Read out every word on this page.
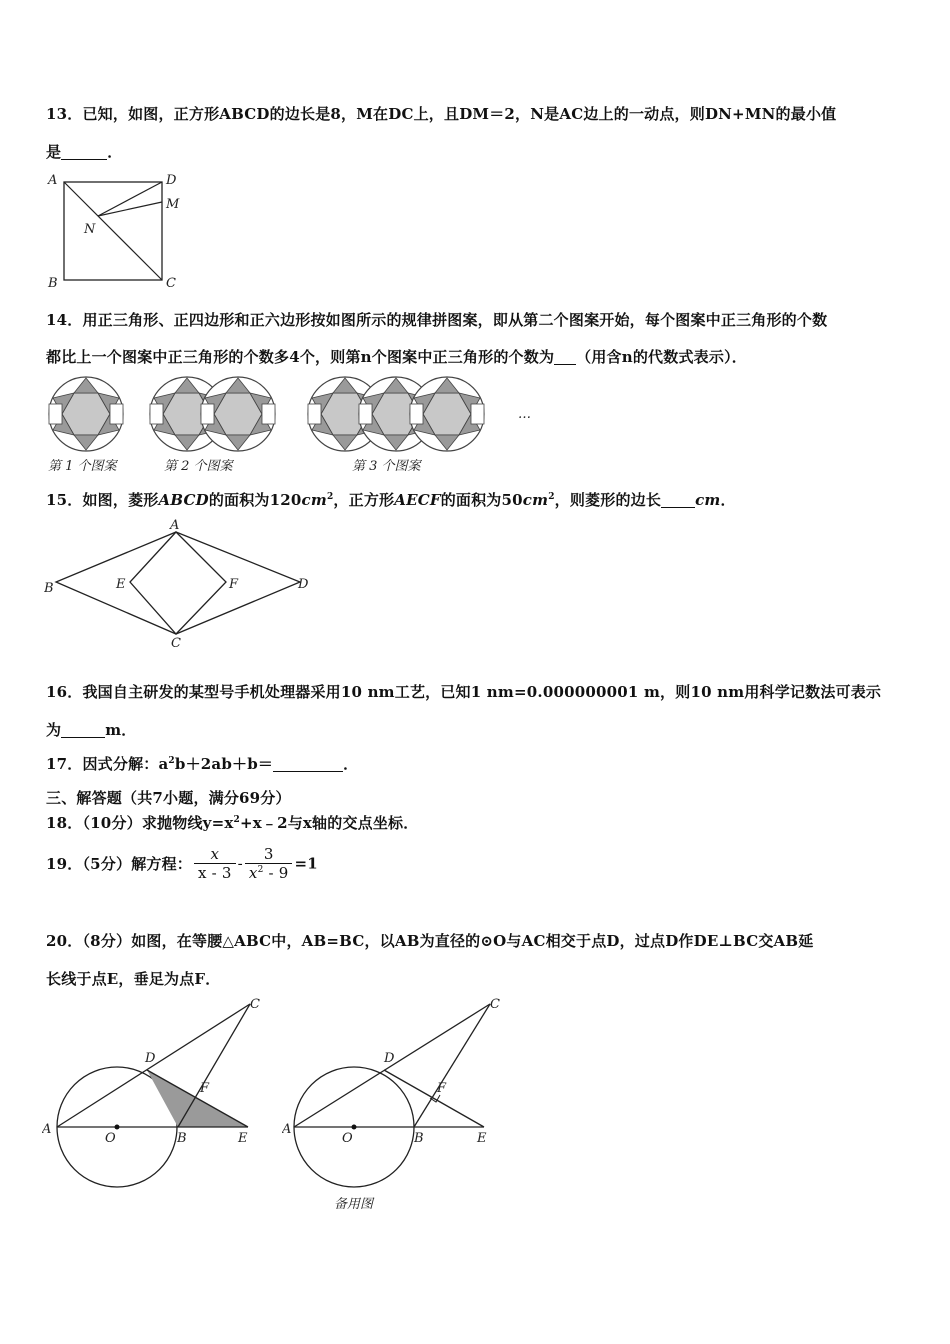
13．已知，如图，正方形ABCD的边长是8，M在DC上，且DM＝2，N是AC边上的一动点，则DN+MN的最小值
是	．
A	D
M
N
B	C
14．用正三角形、正四边形和正六边形按如图所示的规律拼图案，即从第二个图案开始，每个图案中正三角形的个数
都比上一个图案中正三角形的个数多4个，则第n个图案中正三角形的个数为 （用含n的代数式表示）．
第 1 个图案	第 2 个图案	第 3 个图案
…
15．如图，菱形ABCD的面积为$120cm^2$，正方形AECF的面积为$50cm^2$，则菱形的边长 cm．
A
B	D
E	F
C
16．我国自主研发的某型号手机处理器采用10 nm工艺，已知1 nm=0.000000001 m，则10 nm用科学记数法可表示
为	m．
17．因式分解：$a^2b+2ab+b=$	．
三、解答题（共7小题，满分69分）
18．（10分）求抛物线$y=x^2+x﹣2$与x轴的交点坐标．
19．（5分）解方程： $\frac{x}{x - 3} - \frac{3}{x^2 - 9} =1$
20．（8分）如图，在等腰△ABC中，AB=BC，以AB为直径的⊙O与AC相交于点D，过点D作DE⊥BC交AB延
长线于点E，垂足为点F．
A
O	B	E
D
F
C
A
O	B	E
D
F
C
备用图
